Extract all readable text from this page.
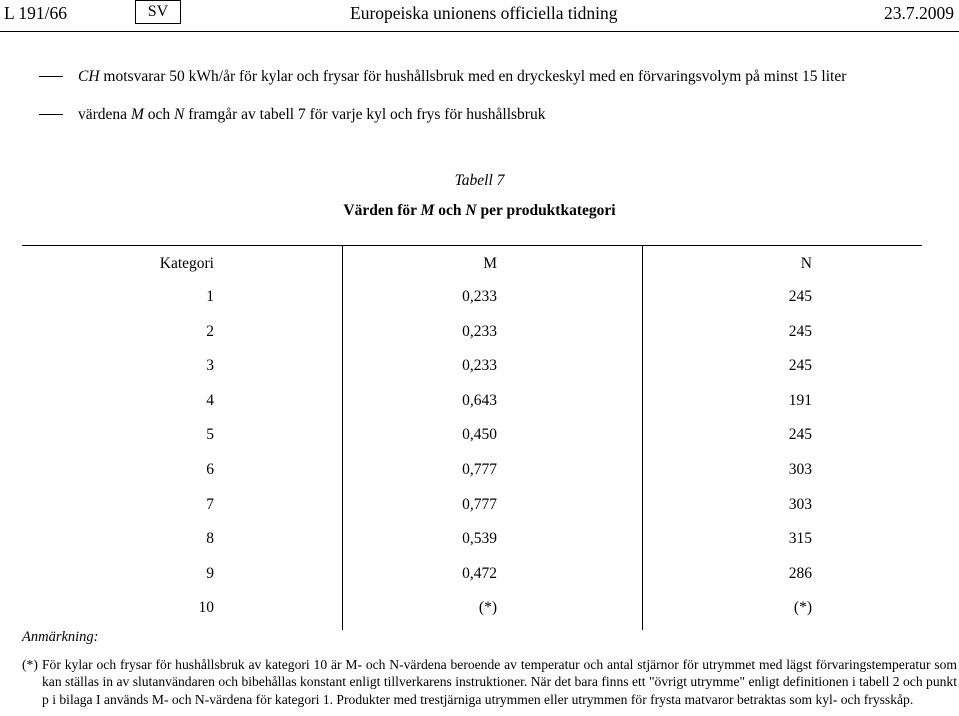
L 191/66	SV	Europeiska unionens officiella tidning	23.7.2009
CH motsvarar 50 kWh/år för kylar och frysar för hushållsbruk med en dryckeskyl med en förvaringsvolym på minst 15 liter
värdena M och N framgår av tabell 7 för varje kyl och frys för hushållsbruk
Tabell 7
Värden för M och N per produktkategori
Kategori	M	N
1	0,233	245
2	0,233	245
3	0,233	245
4	0,643	191
5	0,450	245
6	0,777	303
7	0,777	303
8	0,539	315
9	0,472	286
10	(*)	(*)
Anmärkning:
(*) För kylar och frysar för hushållsbruk av kategori 10 är M- och N-värdena beroende av temperatur och antal stjärnor för utrymmet med lägst förvaringstemperatur som kan ställas in av slutanvändaren och bibehållas konstant enligt tillverkarens instruktioner. När det bara finns ett "övrigt utrymme" enligt definitionen i tabell 2 och punkt p i bilaga I används M- och N-värdena för kategori 1. Produkter med trestjärniga utrymmen eller utrymmen för frysta matvaror betraktas som kyl- och frysskåp.
